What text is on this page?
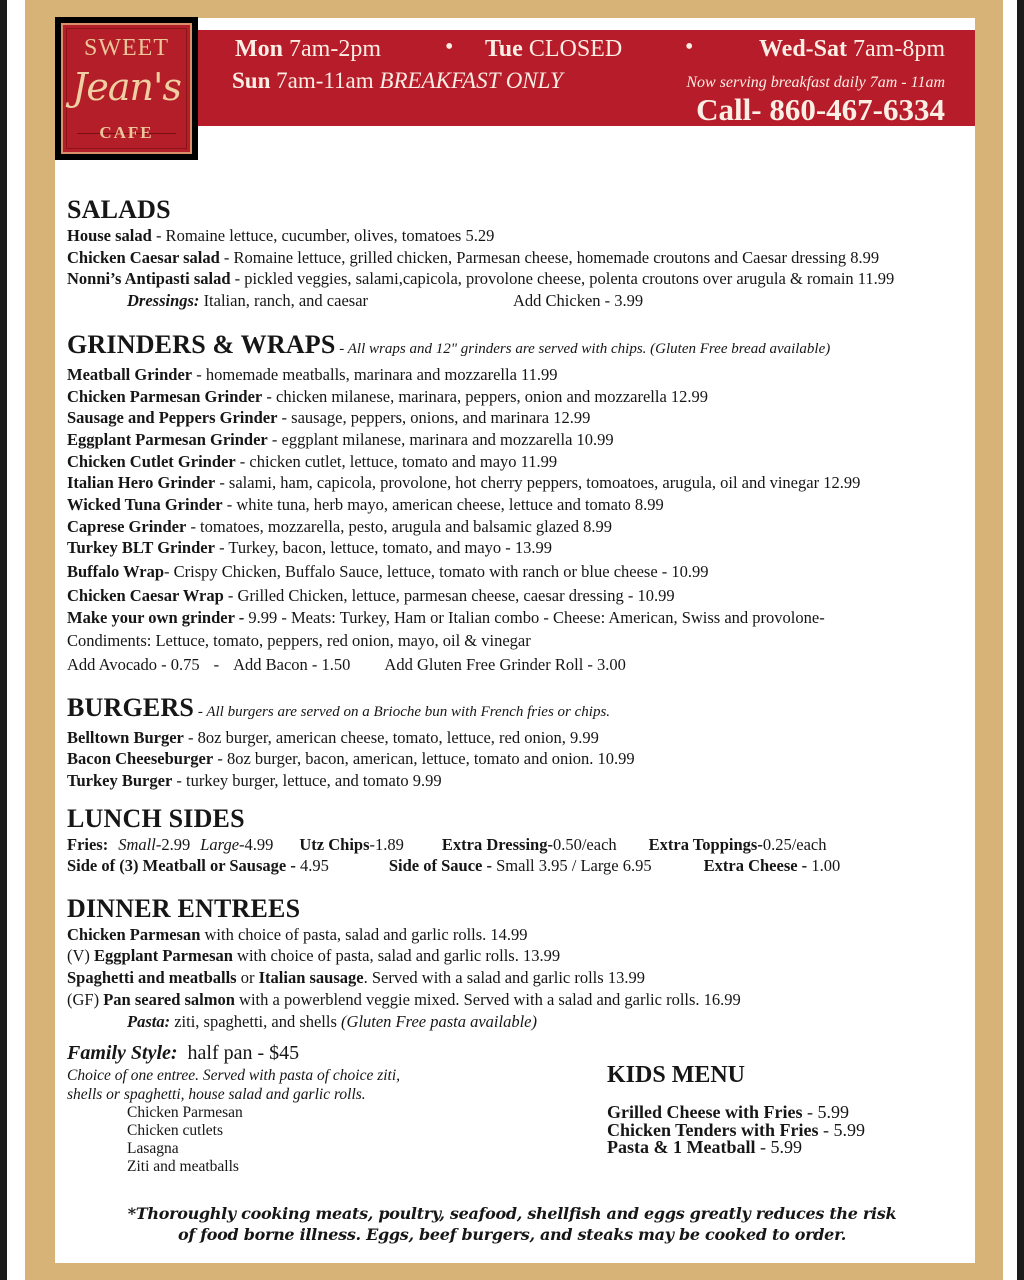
Mon 7am-2pm	• Tue CLOSED	•	Wed-Sat 7am-8pm
Sun 7am-11am BREAKFAST ONLY	Now serving breakfast daily 7am - 11am
Call- 860-467-6334
SWEET
Jean's
CAFE
SALADS
House salad - Romaine lettuce, cucumber, olives, tomatoes 5.29
Chicken Caesar salad - Romaine lettuce, grilled chicken, Parmesan cheese, homemade croutons and Caesar dressing 8.99
Nonni’s Antipasti salad - pickled veggies, salami,capicola, provolone cheese, polenta croutons over arugula & romain 11.99
Dressings: Italian, ranch, and caesar	Add Chicken - 3.99
GRINDERS & WRAPS - All wraps and 12" grinders are served with chips. (Gluten Free bread available)
Meatball Grinder - homemade meatballs, marinara and mozzarella 11.99
Chicken Parmesan Grinder - chicken milanese, marinara, peppers, onion and mozzarella 12.99
Sausage and Peppers Grinder - sausage, peppers, onions, and marinara 12.99
Eggplant Parmesan Grinder - eggplant milanese, marinara and mozzarella 10.99
Chicken Cutlet Grinder - chicken cutlet, lettuce, tomato and mayo 11.99
Italian Hero Grinder - salami, ham, capicola, provolone, hot cherry peppers, tomoatoes, arugula, oil and vinegar 12.99
Wicked Tuna Grinder - white tuna, herb mayo, american cheese, lettuce and tomato 8.99
Caprese Grinder - tomatoes, mozzarella, pesto, arugula and balsamic glazed 8.99
Turkey BLT Grinder - Turkey, bacon, lettuce, tomato, and mayo - 13.99
Buffalo Wrap- Crispy Chicken, Buffalo Sauce, lettuce, tomato with ranch or blue cheese - 10.99
Chicken Caesar Wrap - Grilled Chicken, lettuce, parmesan cheese, caesar dressing - 10.99
Make your own grinder - 9.99 - Meats: Turkey, Ham or Italian combo - Cheese: American, Swiss and provolone-
Condiments: Lettuce, tomato, peppers, red onion, mayo, oil & vinegar
Add Avocado - 0.75 - Add Bacon - 1.50 Add Gluten Free Grinder Roll - 3.00
BURGERS - All burgers are served on a Brioche bun with French fries or chips.
Belltown Burger - 8oz burger, american cheese, tomato, lettuce, red onion, 9.99
Bacon Cheeseburger - 8oz burger, bacon, american, lettuce, tomato and onion. 10.99
Turkey Burger - turkey burger, lettuce, and tomato 9.99
LUNCH SIDES
Fries: Small -2.99 Large -4.99 Utz Chips -1.89 Extra Dressing- 0.50/each Extra Toppings- 0.25/each
Side of (3) Meatball or Sausage - 4.95	Side of Sauce - Small 3.95 / Large 6.95	Extra Cheese - 1.00
DINNER ENTREES
Chicken Parmesan with choice of pasta, salad and garlic rolls. 14.99
(V) Eggplant Parmesan with choice of pasta, salad and garlic rolls. 13.99
Spaghetti and meatballs or Italian sausage. Served with a salad and garlic rolls 13.99
(GF) Pan seared salmon with a powerblend veggie mixed. Served with a salad and garlic rolls. 16.99
Pasta: ziti, spaghetti, and shells (Gluten Free pasta available)
Family Style:  half pan - $45
Choice of one entree. Served with pasta of choice ziti,
shells or spaghetti, house salad and garlic rolls.
Chicken Parmesan
Chicken cutlets
Lasagna
Ziti and meatballs
KIDS MENU
Grilled Cheese with Fries - 5.99
Chicken Tenders with Fries - 5.99
Pasta & 1 Meatball - 5.99
*Thoroughly cooking meats, poultry, seafood, shellfish and eggs greatly reduces the risk
of food borne illness. Eggs, beef burgers, and steaks may be cooked to order.
